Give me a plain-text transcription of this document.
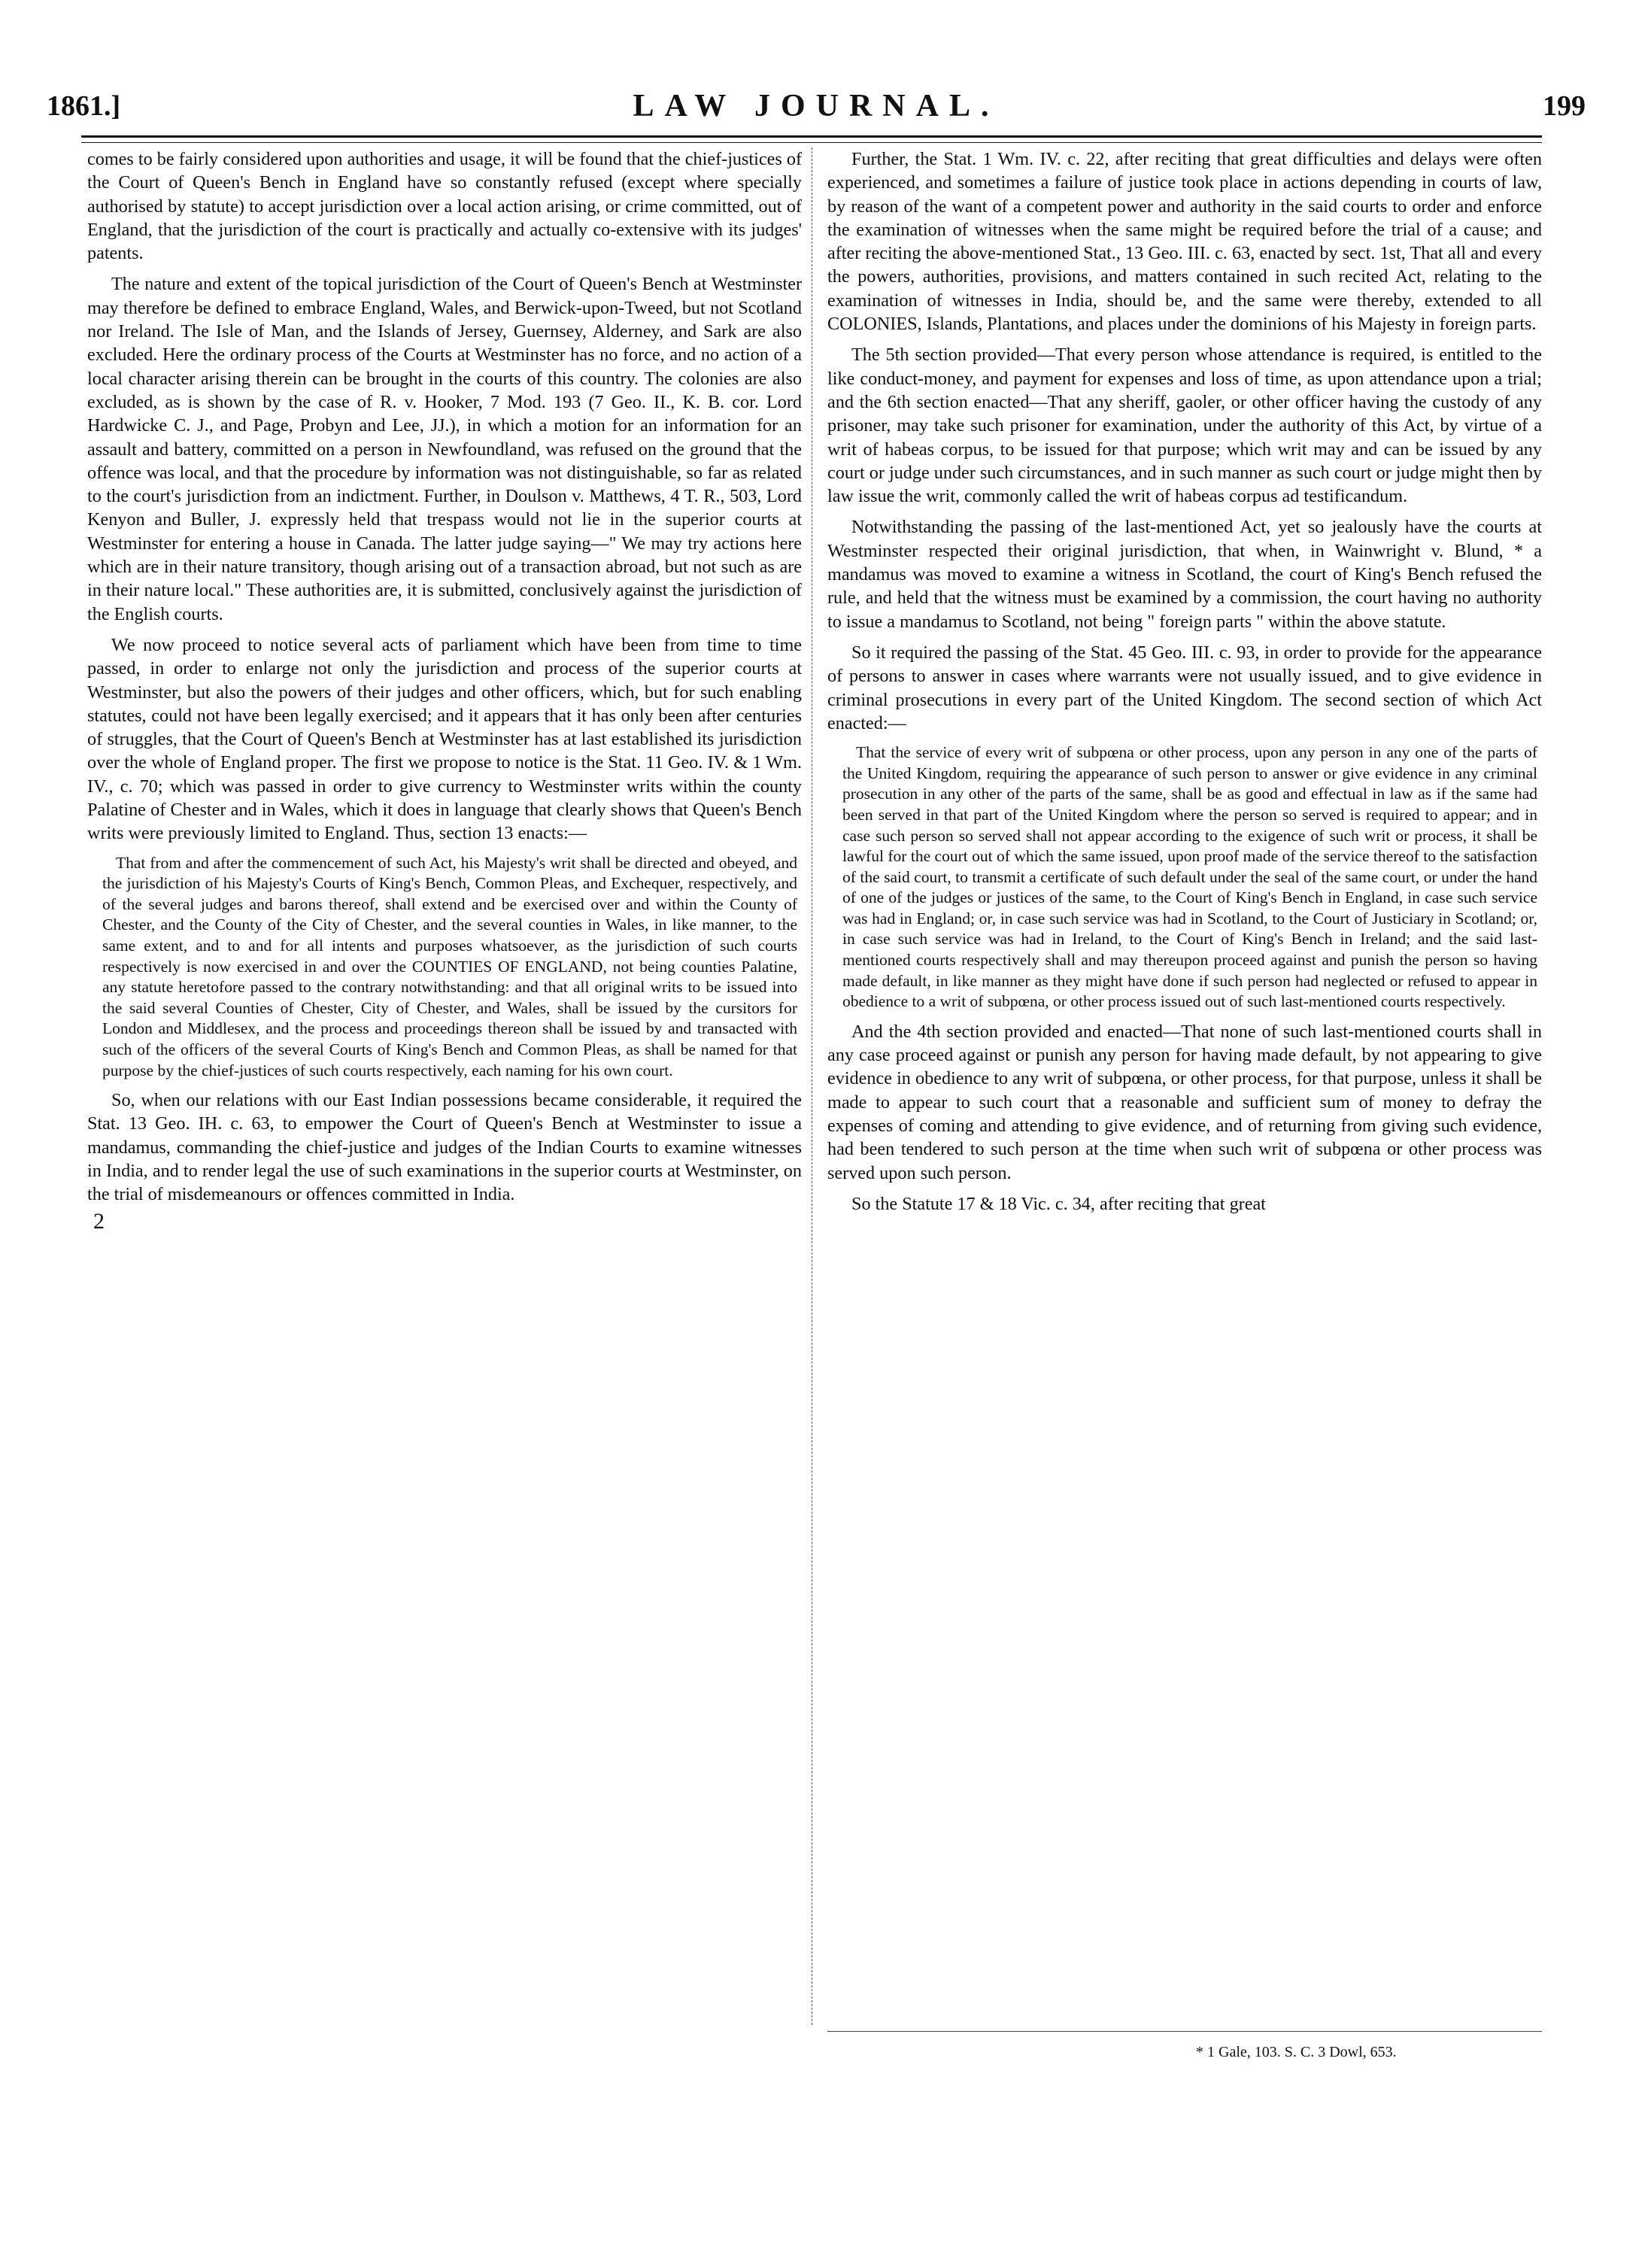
1861.]	LAW JOURNAL.	199

comes to be fairly considered upon authorities and usage, it will be found that the chief-justices of the Court of Queen's Bench in England have so constantly refused (except where specially authorised by statute) to accept jurisdiction over a local action arising, or crime committed, out of England, that the jurisdiction of the court is practically and actually co-extensive with its judges' patents.

The nature and extent of the topical jurisdiction of the Court of Queen's Bench at Westminster may therefore be defined to embrace England, Wales, and Berwick-upon-Tweed, but not Scotland nor Ireland. The Isle of Man, and the Islands of Jersey, Guernsey, Alderney, and Sark are also excluded. Here the ordinary process of the Courts at Westminster has no force, and no action of a local character arising therein can be brought in the courts of this country. The colonies are also excluded, as is shown by the case of R. v. Hooker, 7 Mod. 193 (7 Geo. II., K. B. cor. Lord Hardwicke C. J., and Page, Probyn and Lee, JJ.), in which a motion for an information for an assault and battery, committed on a person in Newfoundland, was refused on the ground that the offence was local, and that the procedure by information was not distinguishable, so far as related to the court's jurisdiction from an indictment. Further, in Doulson v. Matthews, 4 T. R., 503, Lord Kenyon and Buller, J. expressly held that trespass would not lie in the superior courts at Westminster for entering a house in Canada. The latter judge saying—" We may try actions here which are in their nature transitory, though arising out of a transaction abroad, but not such as are in their nature local." These authorities are, it is submitted, conclusively against the jurisdiction of the English courts.

We now proceed to notice several acts of parliament which have been from time to time passed, in order to enlarge not only the jurisdiction and process of the superior courts at Westminster, but also the powers of their judges and other officers, which, but for such enabling statutes, could not have been legally exercised; and it appears that it has only been after centuries of struggles, that the Court of Queen's Bench at Westminster has at last established its jurisdiction over the whole of England proper. The first we propose to notice is the Stat. 11 Geo. IV. & 1 Wm. IV., c. 70; which was passed in order to give currency to Westminster writs within the county Palatine of Chester and in Wales, which it does in language that clearly shows that Queen's Bench writs were previously limited to England. Thus, section 13 enacts:—

That from and after the commencement of such Act, his Majesty's writ shall be directed and obeyed, and the jurisdiction of his Majesty's Courts of King's Bench, Common Pleas, and Exchequer, respectively, and of the several judges and barons thereof, shall extend and be exercised over and within the County of Chester, and the County of the City of Chester, and the several counties in Wales, in like manner, to the same extent, and to and for all intents and purposes whatsoever, as the jurisdiction of such courts respectively is now exercised in and over the COUNTIES OF ENGLAND, not being counties Palatine, any statute heretofore passed to the contrary notwithstanding: and that all original writs to be issued into the said several Counties of Chester, City of Chester, and Wales, shall be issued by the cursitors for London and Middlesex, and the process and proceedings thereon shall be issued by and transacted with such of the officers of the several Courts of King's Bench and Common Pleas, as shall be named for that purpose by the chief-justices of such courts respectively, each naming for his own court.

So, when our relations with our East Indian possessions became considerable, it required the Stat. 13 Geo. IH. c. 63, to empower the Court of Queen's Bench at Westminster to issue a mandamus, commanding the chief-justice and judges of the Indian Courts to examine witnesses in India, and to render legal the use of such examinations in the superior courts at Westminster, on the trial of misdemeanours or offences committed in India.

2

Further, the Stat. 1 Wm. IV. c. 22, after reciting that great difficulties and delays were often experienced, and sometimes a failure of justice took place in actions depending in courts of law, by reason of the want of a competent power and authority in the said courts to order and enforce the examination of witnesses when the same might be required before the trial of a cause; and after reciting the above-mentioned Stat., 13 Geo. III. c. 63, enacted by sect. 1st, That all and every the powers, authorities, provisions, and matters contained in such recited Act, relating to the examination of witnesses in India, should be, and the same were thereby, extended to all COLONIES, Islands, Plantations, and places under the dominions of his Majesty in foreign parts.

The 5th section provided—That every person whose attendance is required, is entitled to the like conduct-money, and payment for expenses and loss of time, as upon attendance upon a trial; and the 6th section enacted—That any sheriff, gaoler, or other officer having the custody of any prisoner, may take such prisoner for examination, under the authority of this Act, by virtue of a writ of habeas corpus, to be issued for that purpose; which writ may and can be issued by any court or judge under such circumstances, and in such manner as such court or judge might then by law issue the writ, commonly called the writ of habeas corpus ad testificandum.

Notwithstanding the passing of the last-mentioned Act, yet so jealously have the courts at Westminster respected their original jurisdiction, that when, in Wainwright v. Blund, * a mandamus was moved to examine a witness in Scotland, the court of King's Bench refused the rule, and held that the witness must be examined by a commission, the court having no authority to issue a mandamus to Scotland, not being " foreign parts " within the above statute.

So it required the passing of the Stat. 45 Geo. III. c. 93, in order to provide for the appearance of persons to answer in cases where warrants were not usually issued, and to give evidence in criminal prosecutions in every part of the United Kingdom. The second section of which Act enacted:—

That the service of every writ of subpœna or other process, upon any person in any one of the parts of the United Kingdom, requiring the appearance of such person to answer or give evidence in any criminal prosecution in any other of the parts of the same, shall be as good and effectual in law as if the same had been served in that part of the United Kingdom where the person so served is required to appear; and in case such person so served shall not appear according to the exigence of such writ or process, it shall be lawful for the court out of which the same issued, upon proof made of the service thereof to the satisfaction of the said court, to transmit a certificate of such default under the seal of the same court, or under the hand of one of the judges or justices of the same, to the Court of King's Bench in England, in case such service was had in England; or, in case such service was had in Scotland, to the Court of Justiciary in Scotland; or, in case such service was had in Ireland, to the Court of King's Bench in Ireland; and the said last-mentioned courts respectively shall and may thereupon proceed against and punish the person so having made default, in like manner as they might have done if such person had neglected or refused to appear in obedience to a writ of subpœna, or other process issued out of such last-mentioned courts respectively.

And the 4th section provided and enacted—That none of such last-mentioned courts shall in any case proceed against or punish any person for having made default, by not appearing to give evidence in obedience to any writ of subpœna, or other process, for that purpose, unless it shall be made to appear to such court that a reasonable and sufficient sum of money to defray the expenses of coming and attending to give evidence, and of returning from giving such evidence, had been tendered to such person at the time when such writ of subpœna or other process was served upon such person.

So the Statute 17 & 18 Vic. c. 34, after reciting that great

* 1 Gale, 103. S. C. 3 Dowl, 653.
